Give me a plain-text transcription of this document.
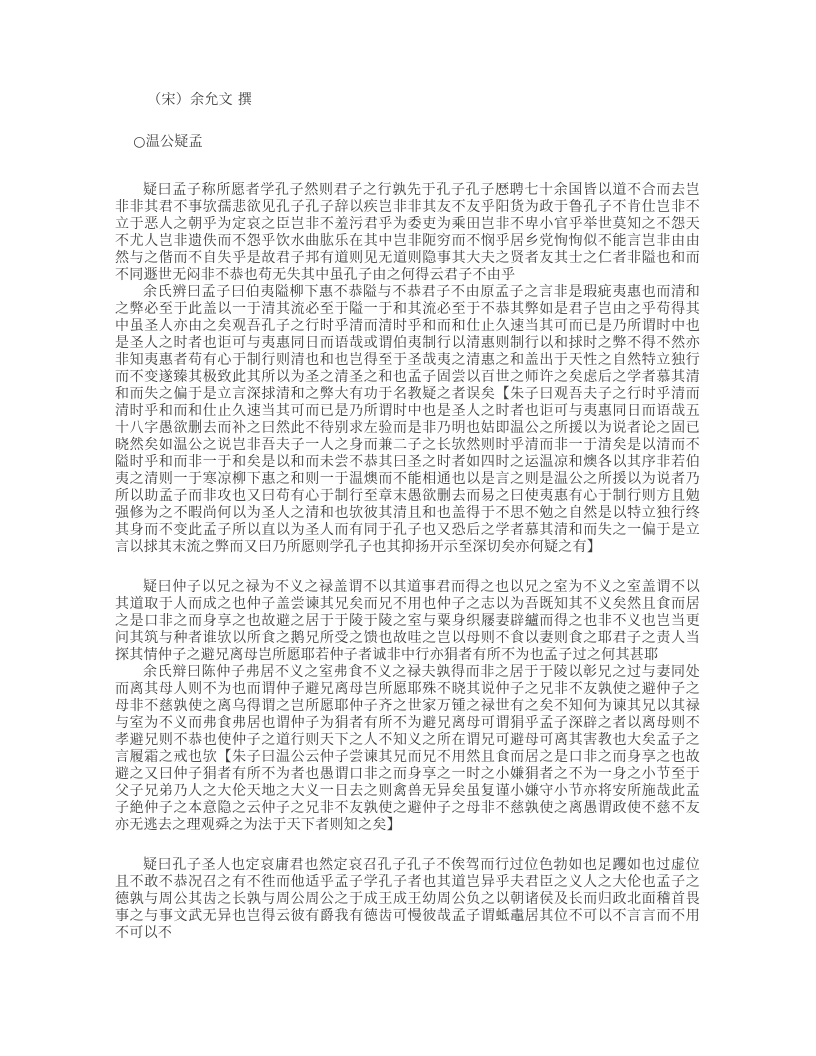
（宋）余允文 撰

○温公疑孟

疑曰孟子称所愿者学孔子然则君子之行孰先于孔子孔子厯聘七十余国皆以道不合而去岂非非其君不事欤孺悲欲见孔子孔子辞以疾岂非非其友不友乎阳货为政于鲁孔子不肯仕岂非不立于恶人之朝乎为定哀之臣岂非不羞污君乎为委吏为乘田岂非不卑小官乎举世莫知之不怨天不尤人岂非遗佚而不怨乎饮水曲肱乐在其中岂非阨穷而不悯乎居乡党恂恂似不能言岂非由由然与之偕而不自失乎是故君子邦有道则见无道则隐事其大夫之贤者友其士之仁者非隘也和而不同遯世无闷非不恭也苟无失其中虽孔子由之何得云君子不由乎

余氏辨曰孟子曰伯夷隘柳下惠不恭隘与不恭君子不由原孟子之言非是瑕疵夷惠也而清和之弊必至于此盖以一于清其流必至于隘一于和其流必至于不恭其弊如是君子岂由之乎苟得其中虽圣人亦由之矣观吾孔子之行时乎清而清时乎和而和仕止久速当其可而已是乃所谓时中也是圣人之时者也讵可与夷惠同日而语哉或谓伯夷制行以清惠则制行以和捄时之弊不得不然亦非知夷惠者苟有心于制行则清也和也岂得至于圣哉夷之清惠之和盖出于天性之自然特立独行而不变遂臻其极致此其所以为圣之清圣之和也孟子固尝以百世之师许之矣虑后之学者慕其清和而失之偏于是立言深捄清和之弊大有功于名教疑之者误矣【朱子曰观吾夫子之行时乎清而清时乎和而和仕止久速当其可而已是乃所谓时中也是圣人之时者也讵可与夷惠同日而语哉五十八字愚欲删去而补之曰然此不待别求左验而是非乃明也姑即温公之所援以为说者论之固已晓然矣如温公之说岂非吾夫子一人之身而兼二子之长欤然则时乎清而非一于清矣是以清而不隘时乎和而非一于和矣是以和而未尝不恭其曰圣之时者如四时之运温凉和燠各以其序非若伯夷之清则一于寒凉柳下惠之和则一于温燠而不能相通也以是言之则是温公之所援以为说者乃所以助孟子而非攻也又曰苟有心于制行至章末愚欲删去而易之曰使夷惠有心于制行则方且勉强修为之不暇尚何以为圣人之清和也欤彼其清且和也盖得于不思不勉之自然是以特立独行终其身而不变此孟子所以直以为圣人而有同于孔子也又恐后之学者慕其清和而失之一偏于是立言以捄其末流之弊而又曰乃所愿则学孔子也其抑扬开示至深切矣亦何疑之有】

疑曰仲子以兄之禄为不义之禄盖谓不以其道事君而得之也以兄之室为不义之室盖谓不以其道取于人而成之也仲子盖尝谏其兄矣而兄不用也仲子之志以为吾既知其不义矣然且食而居之是口非之而身享之也故避之居于于陵于陵之室与粟身织屦妻辟纑而得之也非不义也岂当更问其筑与种者谁欤以所食之鹅兄所受之馈也故哇之岂以母则不食以妻则食之耶君子之责人当探其情仲子之避兄离母岂所愿耶若仲子者诚非中行亦狷者有所不为也孟子过之何其甚耶

余氏辩曰陈仲子弗居不义之室弗食不义之禄夫孰得而非之居于于陵以彰兄之过与妻同处而离其母人则不为也而谓仲子避兄离母岂所愿耶殊不晓其说仲子之兄非不友孰使之避仲子之母非不慈孰使之离乌得谓之岂所愿耶仲子齐之世家万锺之禄世有之矣不知何为谏其兄以其禄与室为不义而弗食弗居也谓仲子为狷者有所不为避兄离母可谓狷乎孟子深辟之者以离母则不孝避兄则不恭也使仲子之道行则天下之人不知义之所在谓兄可避母可离其害教也大矣孟子之言履霜之戒也欤【朱子曰温公云仲子尝谏其兄而兄不用然且食而居之是口非之而身享之也故避之又曰仲子狷者有所不为者也愚谓口非之而身享之一时之小嫌狷者之不为一身之小节至于父子兄弟乃人之大伦天地之大义一日去之则禽兽无异矣虽复谨小嫌守小节亦将安所施哉此孟子絶仲子之本意隐之云仲子之兄非不友孰使之避仲子之母非不慈孰使之离愚谓政使不慈不友亦无逃去之理观舜之为法于天下者则知之矣】

疑曰孔子圣人也定哀庸君也然定哀召孔子孔子不俟驾而行过位色勃如也足躩如也过虚位且不敢不恭况召之有不徃而他适乎孟子学孔子者也其道岂异乎夫君臣之义人之大伦也孟子之德孰与周公其齿之长孰与周公周公之于成王成王幼周公负之以朝诸侯及长而归政北面稽首畏事之与事文武无异也岂得云彼有爵我有德齿可慢彼哉孟子谓蚳鼃居其位不可以不言言而不用不可以不
